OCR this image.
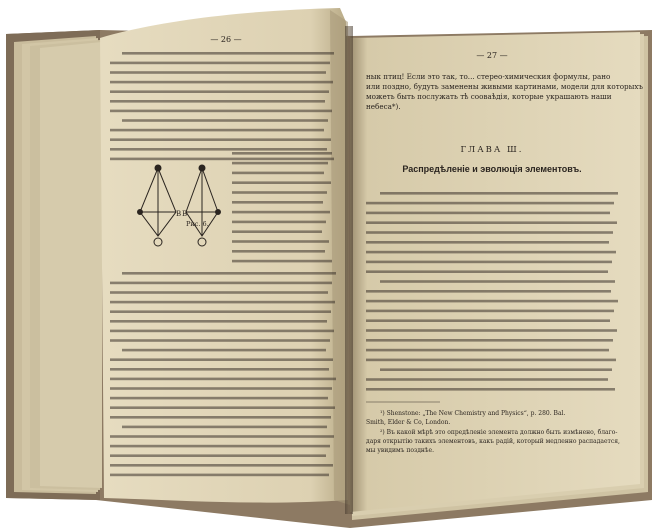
— 26 —
B B
Рис. 6.
— 27 —
нык птиц! Если это так, то... стерео-химическия формулы, рано
или поздно, будуть заменены живыми картинами, модели для которыхъ
можеть быть послужать тѣ сооваѣдія, которые украшають наши
небеса*).
ГЛАВА Ш.
Распредѣленіе и эволюція элементовъ.
¹) Shenstone: „The New Chemistry and Physics“, p. 280. Bal.
Smith, Elder & Co, London.
²) Въ какой мѣрѣ это опредѣленіе элемента должно быть измѣнено, благо-
даря открытію такихъ элементовъ, какъ радій, который медленно распадается,
мы увидимъ позднѣе.
